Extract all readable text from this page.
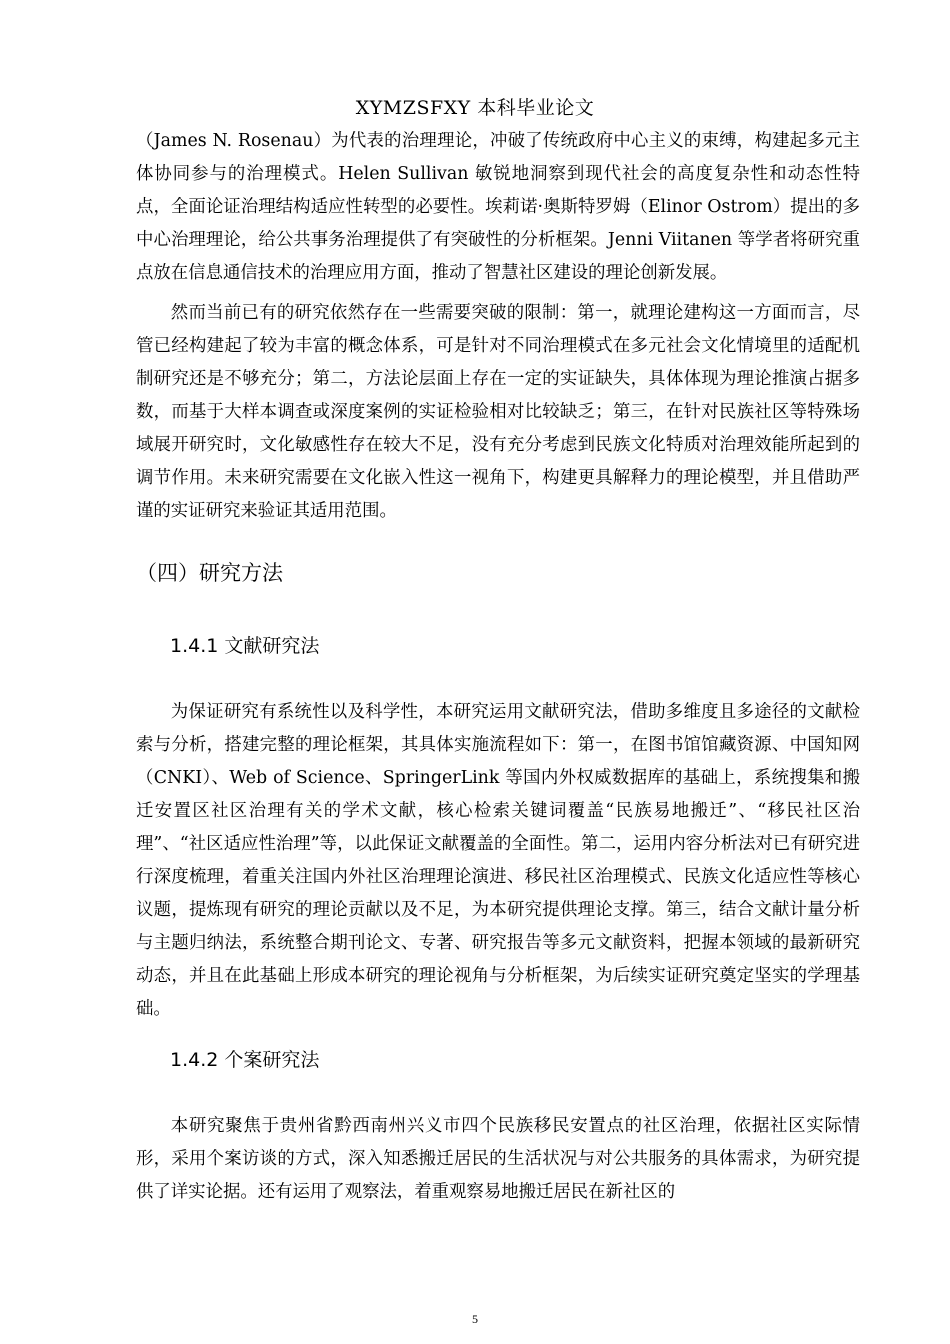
XYMZSFXY 本科毕业论文

（James N. Rosenau）为代表的治理理论，冲破了传统政府中心主义的束缚，构建起多元主体协同参与的治理模式。Helen Sullivan 敏锐地洞察到现代社会的高度复杂性和动态性特点，全面论证治理结构适应性转型的必要性。埃莉诺·奥斯特罗姆（Elinor Ostrom）提出的多中心治理理论，给公共事务治理提供了有突破性的分析框架。Jenni Viitanen 等学者将研究重点放在信息通信技术的治理应用方面，推动了智慧社区建设的理论创新发展。

然而当前已有的研究依然存在一些需要突破的限制：第一，就理论建构这一方面而言，尽管已经构建起了较为丰富的概念体系，可是针对不同治理模式在多元社会文化情境里的适配机制研究还是不够充分；第二，方法论层面上存在一定的实证缺失，具体体现为理论推演占据多数，而基于大样本调查或深度案例的实证检验相对比较缺乏；第三，在针对民族社区等特殊场域展开研究时，文化敏感性存在较大不足，没有充分考虑到民族文化特质对治理效能所起到的调节作用。未来研究需要在文化嵌入性这一视角下，构建更具解释力的理论模型，并且借助严谨的实证研究来验证其适用范围。

（四）研究方法
1.4.1 文献研究法

为保证研究有系统性以及科学性，本研究运用文献研究法，借助多维度且多途径的文献检索与分析，搭建完整的理论框架，其具体实施流程如下：第一，在图书馆馆藏资源、中国知网（CNKI）、Web of Science、SpringerLink 等国内外权威数据库的基础上，系统搜集和搬迁安置区社区治理有关的学术文献，核心检索关键词覆盖“民族易地搬迁”、“移民社区治理”、“社区适应性治理”等，以此保证文献覆盖的全面性。第二，运用内容分析法对已有研究进行深度梳理，着重关注国内外社区治理理论演进、移民社区治理模式、民族文化适应性等核心议题，提炼现有研究的理论贡献以及不足，为本研究提供理论支撑。第三，结合文献计量分析与主题归纳法，系统整合期刊论文、专著、研究报告等多元文献资料，把握本领域的最新研究动态，并且在此基础上形成本研究的理论视角与分析框架，为后续实证研究奠定坚实的学理基础。

1.4.2 个案研究法

本研究聚焦于贵州省黔西南州兴义市四个民族移民安置点的社区治理，依据社区实际情形，采用个案访谈的方式，深入知悉搬迁居民的生活状况与对公共服务的具体需求，为研究提供了详实论据。还有运用了观察法，着重观察易地搬迁居民在新社区的

5
